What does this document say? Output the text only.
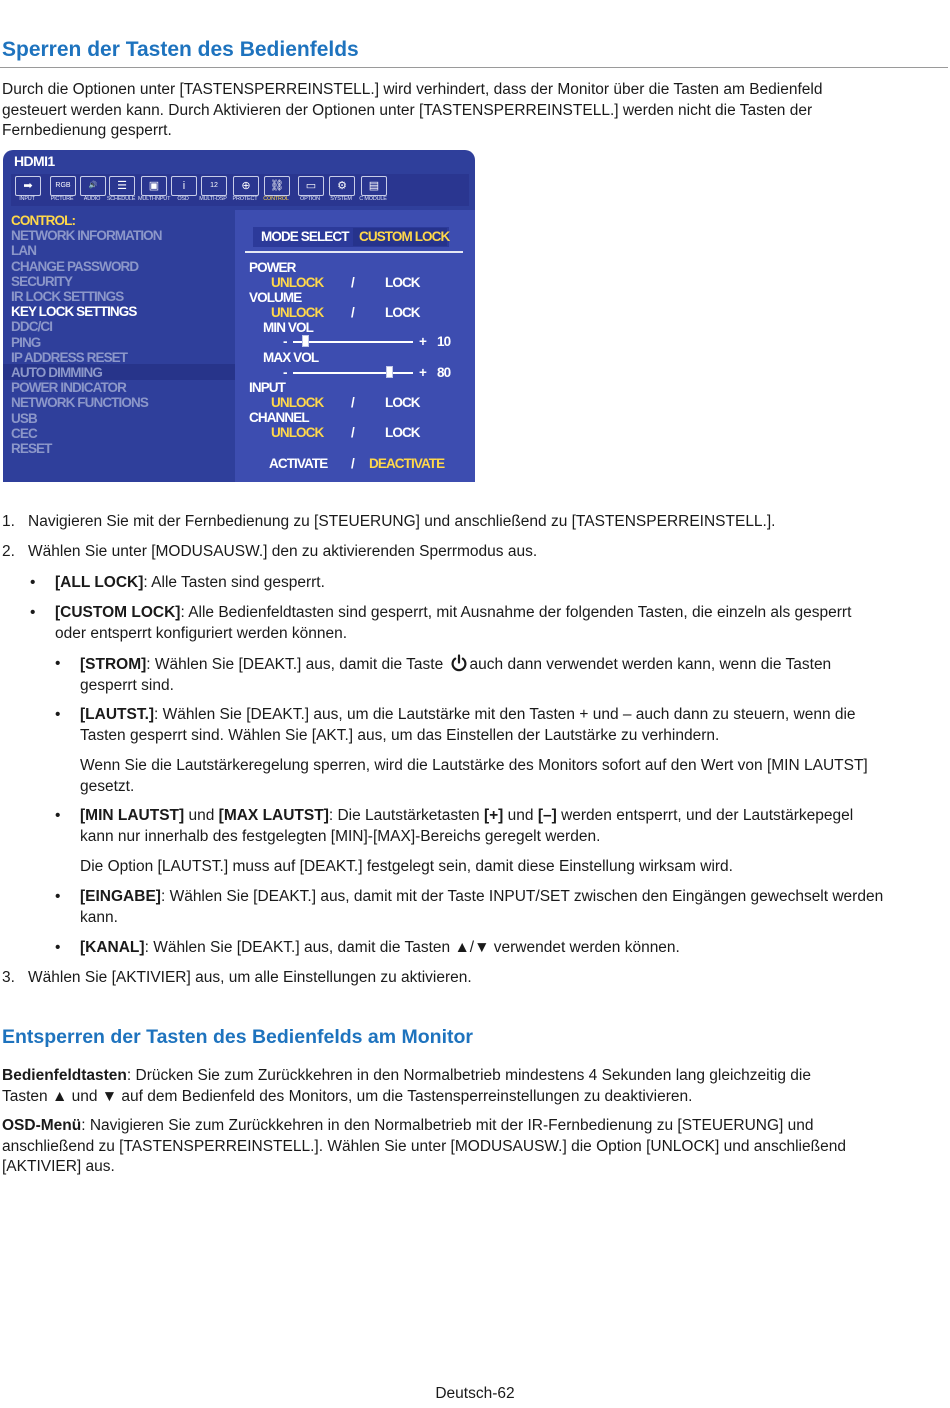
Sperren der Tasten des Bedienfelds

Durch die Optionen unter [TASTENSPERREINSTELL.] wird verhindert, dass der Monitor über die Tasten am Bedienfeld
gesteuert werden kann. Durch Aktivieren der Optionen unter [TASTENSPERREINSTELL.] werden nicht die Tasten der
Fernbedienung gesperrt.

HDMI1
➡
INPUT
RGB
PICTURE
🔊
AUDIO
☰
SCHEDULE
▣
MULTI-INPUT
i
OSD
12
MULTI-DSP
⊕
PROTECT
⛓
CONTROL
▭
OPTION
⚙
SYSTEM
▤
C MODULE
CONTROL:
NETWORK INFORMATION
LAN
CHANGE PASSWORD
SECURITY
IR LOCK SETTINGS
KEY LOCK SETTINGS
DDC/CI
PING
IP ADDRESS RESET
AUTO DIMMING
POWER INDICATOR
NETWORK FUNCTIONS
USB
CEC
RESET
MODE SELECT CUSTOM LOCK
POWER
UNLOCK / LOCK
VOLUME
UNLOCK / LOCK
MIN VOL
-	+ 10
MAX VOL
-	+ 80
INPUT
UNLOCK / LOCK
CHANNEL
UNLOCK / LOCK
ACTIVATE / DEACTIVATE
1. Navigieren Sie mit der Fernbedienung zu [STEUERUNG] und anschließend zu [TASTENSPERREINSTELL.].
2. Wählen Sie unter [MODUSAUSW.] den zu aktivierenden Sperrmodus aus.
• [ALL LOCK]: Alle Tasten sind gesperrt.
• [CUSTOM LOCK]: Alle Bedienfeldtasten sind gesperrt, mit Ausnahme der folgenden Tasten, die einzeln als gesperrt
oder entsperrt konfiguriert werden können.
• [STROM]: Wählen Sie [DEAKT.] aus, damit die Taste auch dann verwendet werden kann, wenn die Tasten
gesperrt sind.
• [LAUTST.]: Wählen Sie [DEAKT.] aus, um die Lautstärke mit den Tasten + und – auch dann zu steuern, wenn die
Tasten gesperrt sind. Wählen Sie [AKT.] aus, um das Einstellen der Lautstärke zu verhindern.
Wenn Sie die Lautstärkeregelung sperren, wird die Lautstärke des Monitors sofort auf den Wert von [MIN LAUTST]
gesetzt.
• [MIN LAUTST] und [MAX LAUTST]: Die Lautstärketasten [+] und [–] werden entsperrt, und der Lautstärkepegel
kann nur innerhalb des festgelegten [MIN]-[MAX]-Bereichs geregelt werden.
Die Option [LAUTST.] muss auf [DEAKT.] festgelegt sein, damit diese Einstellung wirksam wird.
• [EINGABE]: Wählen Sie [DEAKT.] aus, damit mit der Taste INPUT/SET zwischen den Eingängen gewechselt werden
kann.
• [KANAL]: Wählen Sie [DEAKT.] aus, damit die Tasten ▲/▼ verwendet werden können.
3. Wählen Sie [AKTIVIER] aus, um alle Einstellungen zu aktivieren.
Entsperren der Tasten des Bedienfelds am Monitor

Bedienfeldtasten: Drücken Sie zum Zurückkehren in den Normalbetrieb mindestens 4 Sekunden lang gleichzeitig die
Tasten ▲ und ▼ auf dem Bedienfeld des Monitors, um die Tastensperreinstellungen zu deaktivieren.

OSD-Menü: Navigieren Sie zum Zurückkehren in den Normalbetrieb mit der IR-Fernbedienung zu [STEUERUNG] und
anschließend zu [TASTENSPERREINSTELL.]. Wählen Sie unter [MODUSAUSW.] die Option [UNLOCK] und anschließend
[AKTIVIER] aus.

Deutsch-62
